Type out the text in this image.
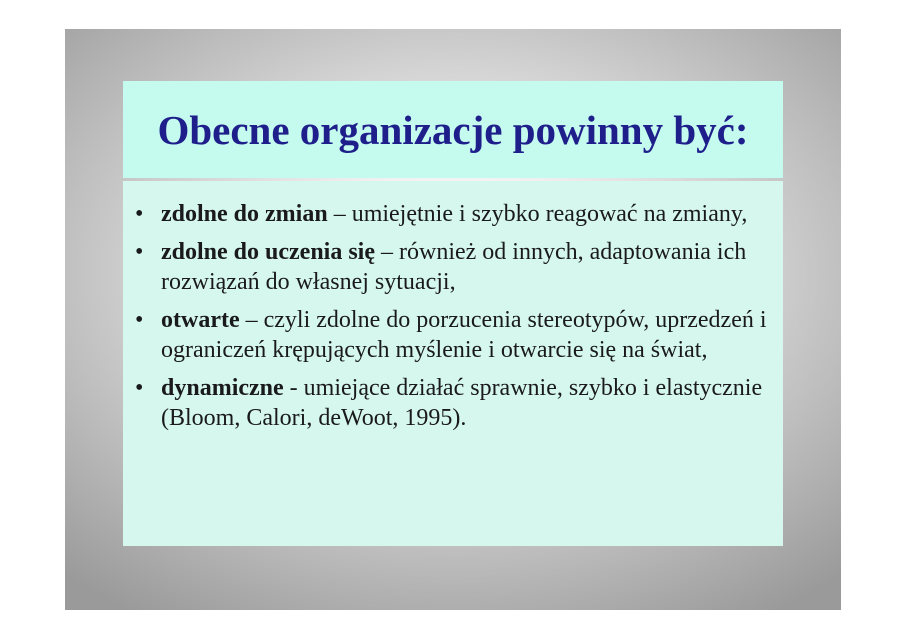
Obecne organizacje powinny być:
• zdolne do zmian – umiejętnie i szybko reagować na zmiany,
• zdolne do uczenia się – również od innych, adaptowania ich rozwiązań do własnej sytuacji,
• otwarte – czyli zdolne do porzucenia stereotypów, uprzedzeń i ograniczeń krępujących myślenie i otwarcie się na świat,
• dynamiczne - umiejące działać sprawnie, szybko i elastycznie (Bloom, Calori, deWoot, 1995).
